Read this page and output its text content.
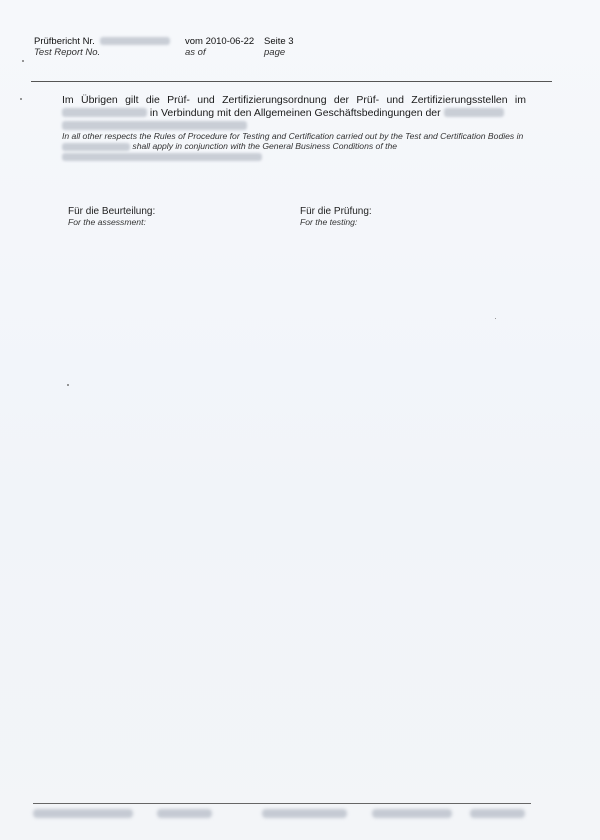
Prüfbericht Nr.
Test Report No.
vom 2010-06-22
as of
Seite 3
page
Im Übrigen gilt die Prüf- und Zertifizierungsordnung der Prüf- und Zertifizierungsstellen im  in Verbindung mit den Allgemeinen Geschäftsbedingungen der

In all other respects the Rules of Procedure for Testing and Certification carried out by the Test and Certification Bodies in  shall apply in conjunction with the General Business Conditions of the
Für die Beurteilung:
For the assessment:
Für die Prüfung:
For the testing:
